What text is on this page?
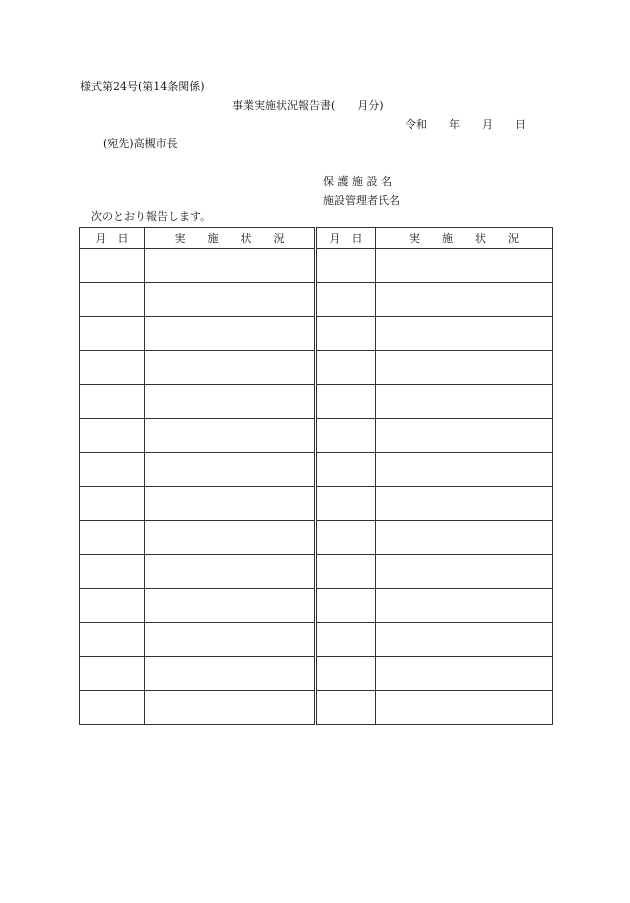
様式第24号(第14条関係)
事業実施状況報告書(　　月分)
令和　　年　　月　　日
(宛先)高槻市長
保 護 施 設 名
施設管理者氏名
次のとおり報告します。
月　日	実　　施　　状　　況	月　日	実　　施　　状　　況
